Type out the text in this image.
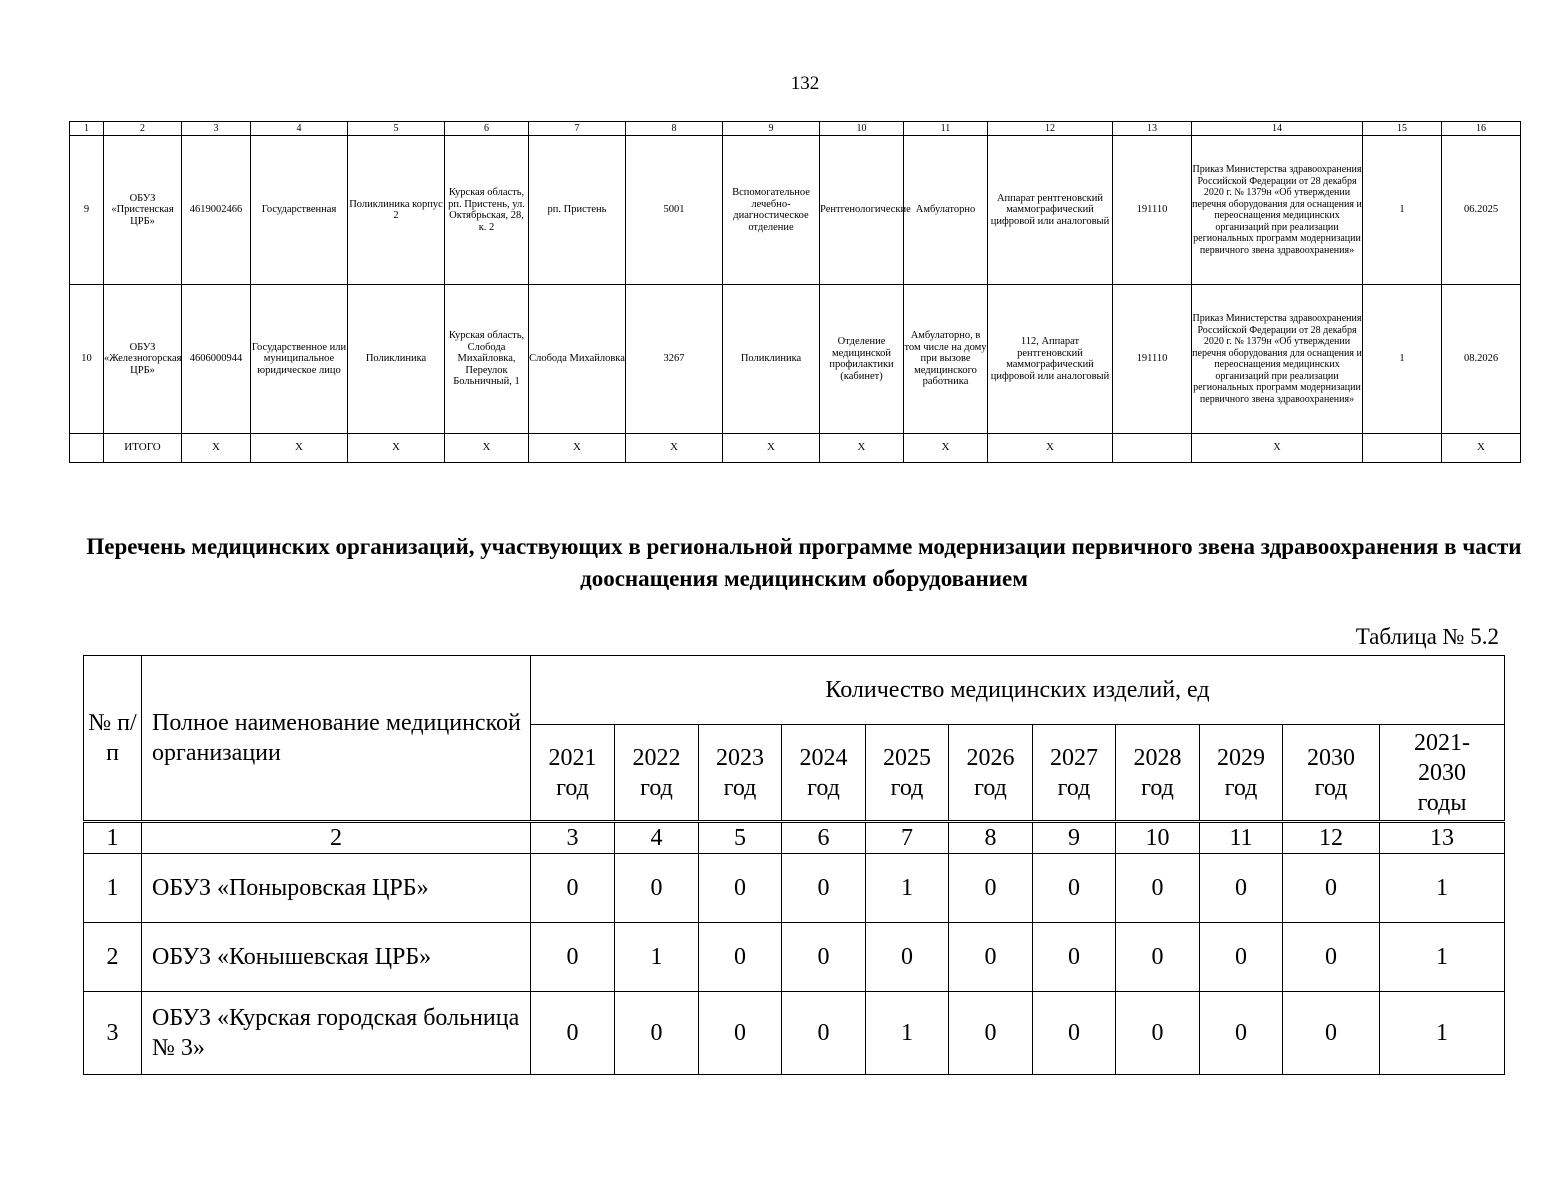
132
1	2	3	4	5	6	7	8	9	10	11	12	13	14	15	16
9	ОБУЗ «Пристенская ЦРБ»	4619002466	Государственная	Поликлиника корпус 2	Курская область, рп. Пристень, ул. Октябрьская, 28, к. 2	рп. Пристень	5001	Вспомогательное лечебно-диагностическое отделение	Рентгенологические	Амбулаторно	Аппарат рентгеновский маммографический цифровой или аналоговый	191110	Приказ Министерства здравоохранения Российской Федерации от 28 декабря 2020 г. № 1379н «Об утверждении перечня оборудования для оснащения и переоснащения медицинских организаций при реализации региональных программ модернизации первичного звена здравоохранения»	1	06.2025
10	ОБУЗ «Железногорская ЦРБ»	4606000944	Государственное или муниципальное юридическое лицо	Поликлиника	Курская область, Слобода Михайловка, Переулок Больничный, 1	Слобода Михайловка	3267	Поликлиника	Отделение медицинской профилактики (кабинет)	Амбулаторно, в том числе на дому при вызове медицинского работника	112, Аппарат рентгеновский маммографический цифровой или аналоговый	191110	Приказ Министерства здравоохранения Российской Федерации от 28 декабря 2020 г. № 1379н «Об утверждении перечня оборудования для оснащения и переоснащения медицинских организаций при реализации региональных программ модернизации первичного звена здравоохранения»	1	08.2026
	ИТОГО	Х	Х	Х	Х	Х	Х	Х	Х	Х	Х		Х		Х
Перечень медицинских организаций, участвующих в региональной программе модернизации первичного звена здравоохранения в части дооснащения медицинским оборудованием
Таблица № 5.2
№ п/п	Полное наименование медицинской организации	Количество медицинских изделий, ед										
		2021 год	2022 год	2023 год	2024 год	2025 год	2026 год	2027 год	2028 год	2029 год	2030 год	2021-2030 годы
1	2	3	4	5	6	7	8	9	10	11	12	13
1	ОБУЗ «Поныровская ЦРБ»	0	0	0	0	1	0	0	0	0	0	1
2	ОБУЗ «Конышевская ЦРБ»	0	1	0	0	0	0	0	0	0	0	1
3	ОБУЗ «Курская городская больница № 3»	0	0	0	0	1	0	0	0	0	0	1
